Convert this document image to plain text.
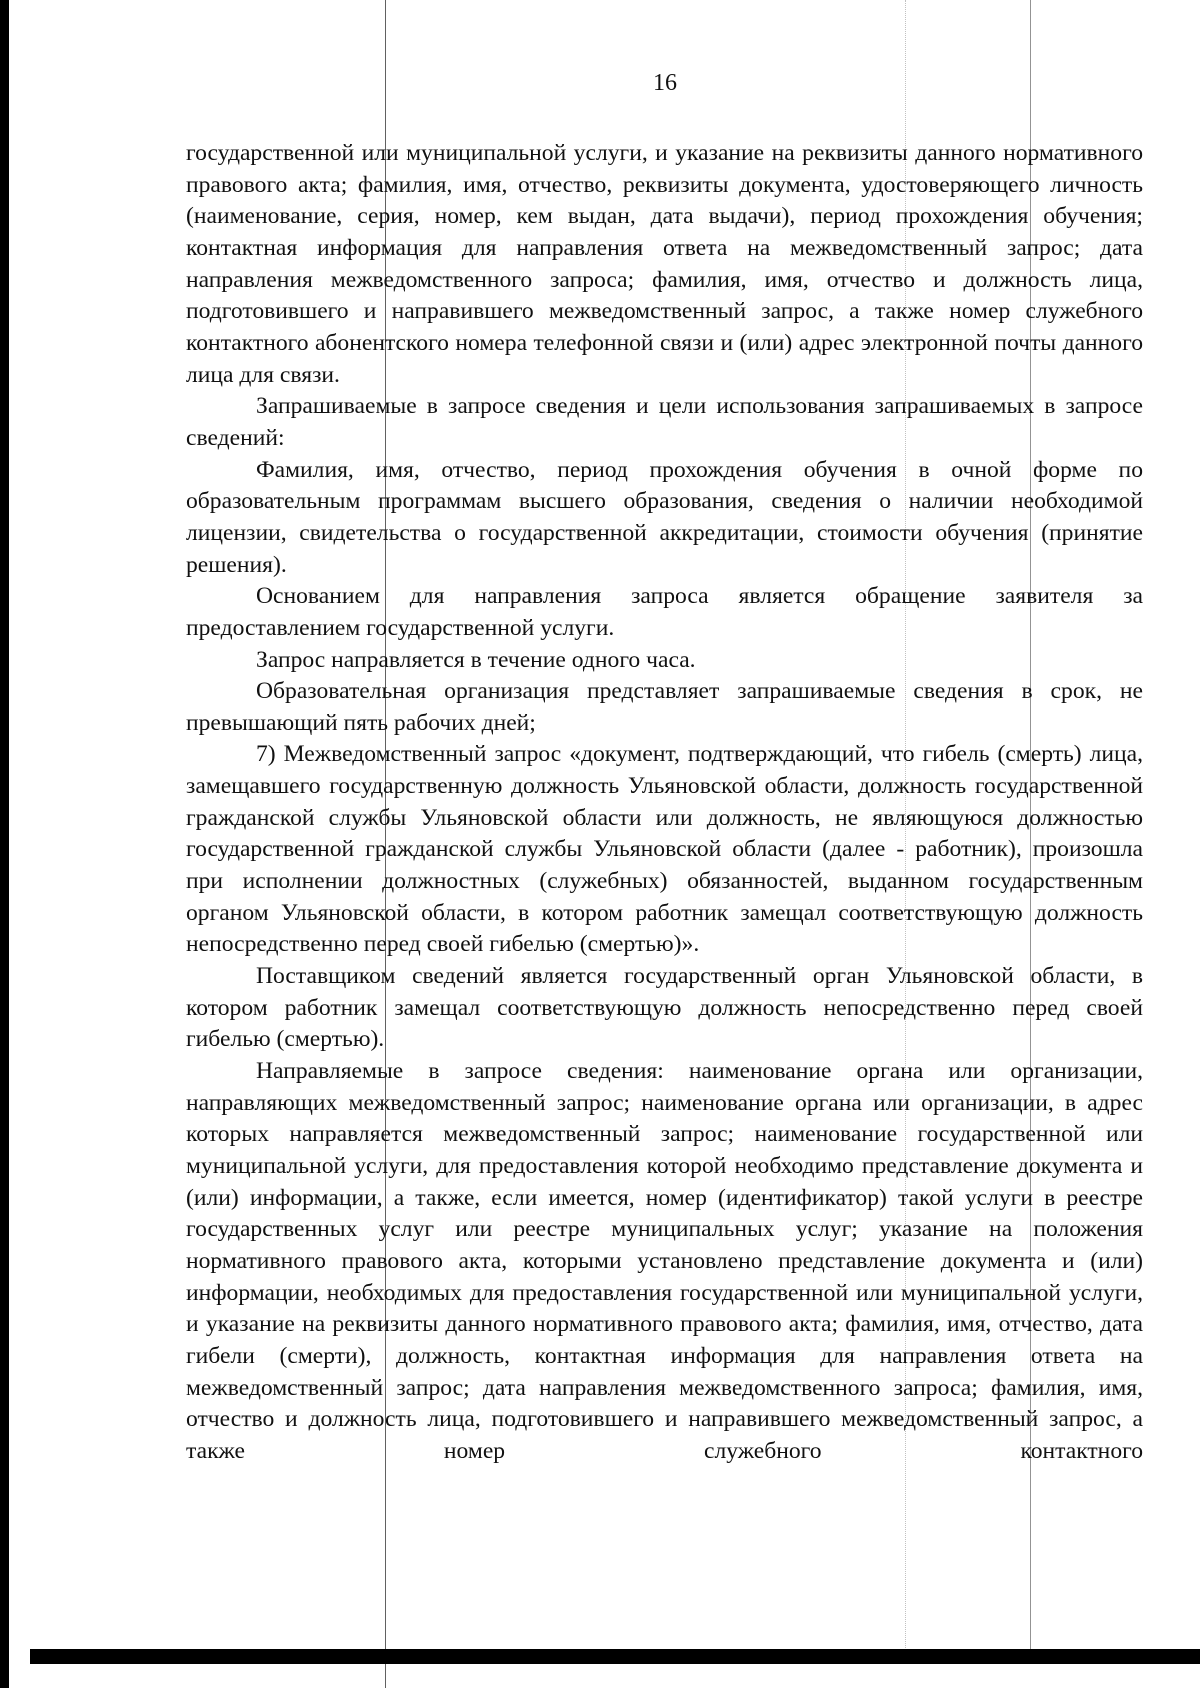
16

государственной или муниципальной услуги, и указание на реквизиты данного нормативного правового акта; фамилия, имя, отчество, реквизиты документа, удостоверяющего личность (наименование, серия, номер, кем выдан, дата выдачи), период прохождения обучения; контактная информация для направления ответа на межведомственный запрос; дата направления межведомственного запроса; фамилия, имя, отчество и должность лица, подготовившего и направившего межведомственный запрос, а также номер служебного контактного абонентского номера телефонной связи и (или) адрес электронной почты данного лица для связи.

Запрашиваемые в запросе сведения и цели использования запрашиваемых в запросе сведений:

Фамилия, имя, отчество, период прохождения обучения в очной форме по образовательным программам высшего образования, сведения о наличии необходимой лицензии, свидетельства о государственной аккредитации, стоимости обучения (принятие решения).

Основанием для направления запроса является обращение заявителя за предоставлением государственной услуги.

Запрос направляется в течение одного часа.

Образовательная организация представляет запрашиваемые сведения в срок, не превышающий пять рабочих дней;

7) Межведомственный запрос «документ, подтверждающий, что гибель (смерть) лица, замещавшего государственную должность Ульяновской области, должность государственной гражданской службы Ульяновской области или должность, не являющуюся должностью государственной гражданской службы Ульяновской области (далее - работник), произошла при исполнении должностных (служебных) обязанностей, выданном государственным органом Ульяновской области, в котором работник замещал соответствующую должность непосредственно перед своей гибелью (смертью)».

Поставщиком сведений является государственный орган Ульяновской области, в котором работник замещал соответствующую должность непосредственно перед своей гибелью (смертью).

Направляемые в запросе сведения: наименование органа или организации, направляющих межведомственный запрос; наименование органа или организации, в адрес которых направляется межведомственный запрос; наименование государственной или муниципальной услуги, для предоставления которой необходимо представление документа и (или) информации, а также, если имеется, номер (идентификатор) такой услуги в реестре государственных услуг или реестре муниципальных услуг; указание на положения нормативного правового акта, которыми установлено представление документа и (или) информации, необходимых для предоставления государственной или муниципальной услуги, и указание на реквизиты данного нормативного правового акта; фамилия, имя, отчество, дата гибели (смерти), должность, контактная информация для направления ответа на межведомственный запрос; дата направления межведомственного запроса; фамилия, имя, отчество и должность лица, подготовившего и направившего межведомственный запрос, а также номер служебного контактного
